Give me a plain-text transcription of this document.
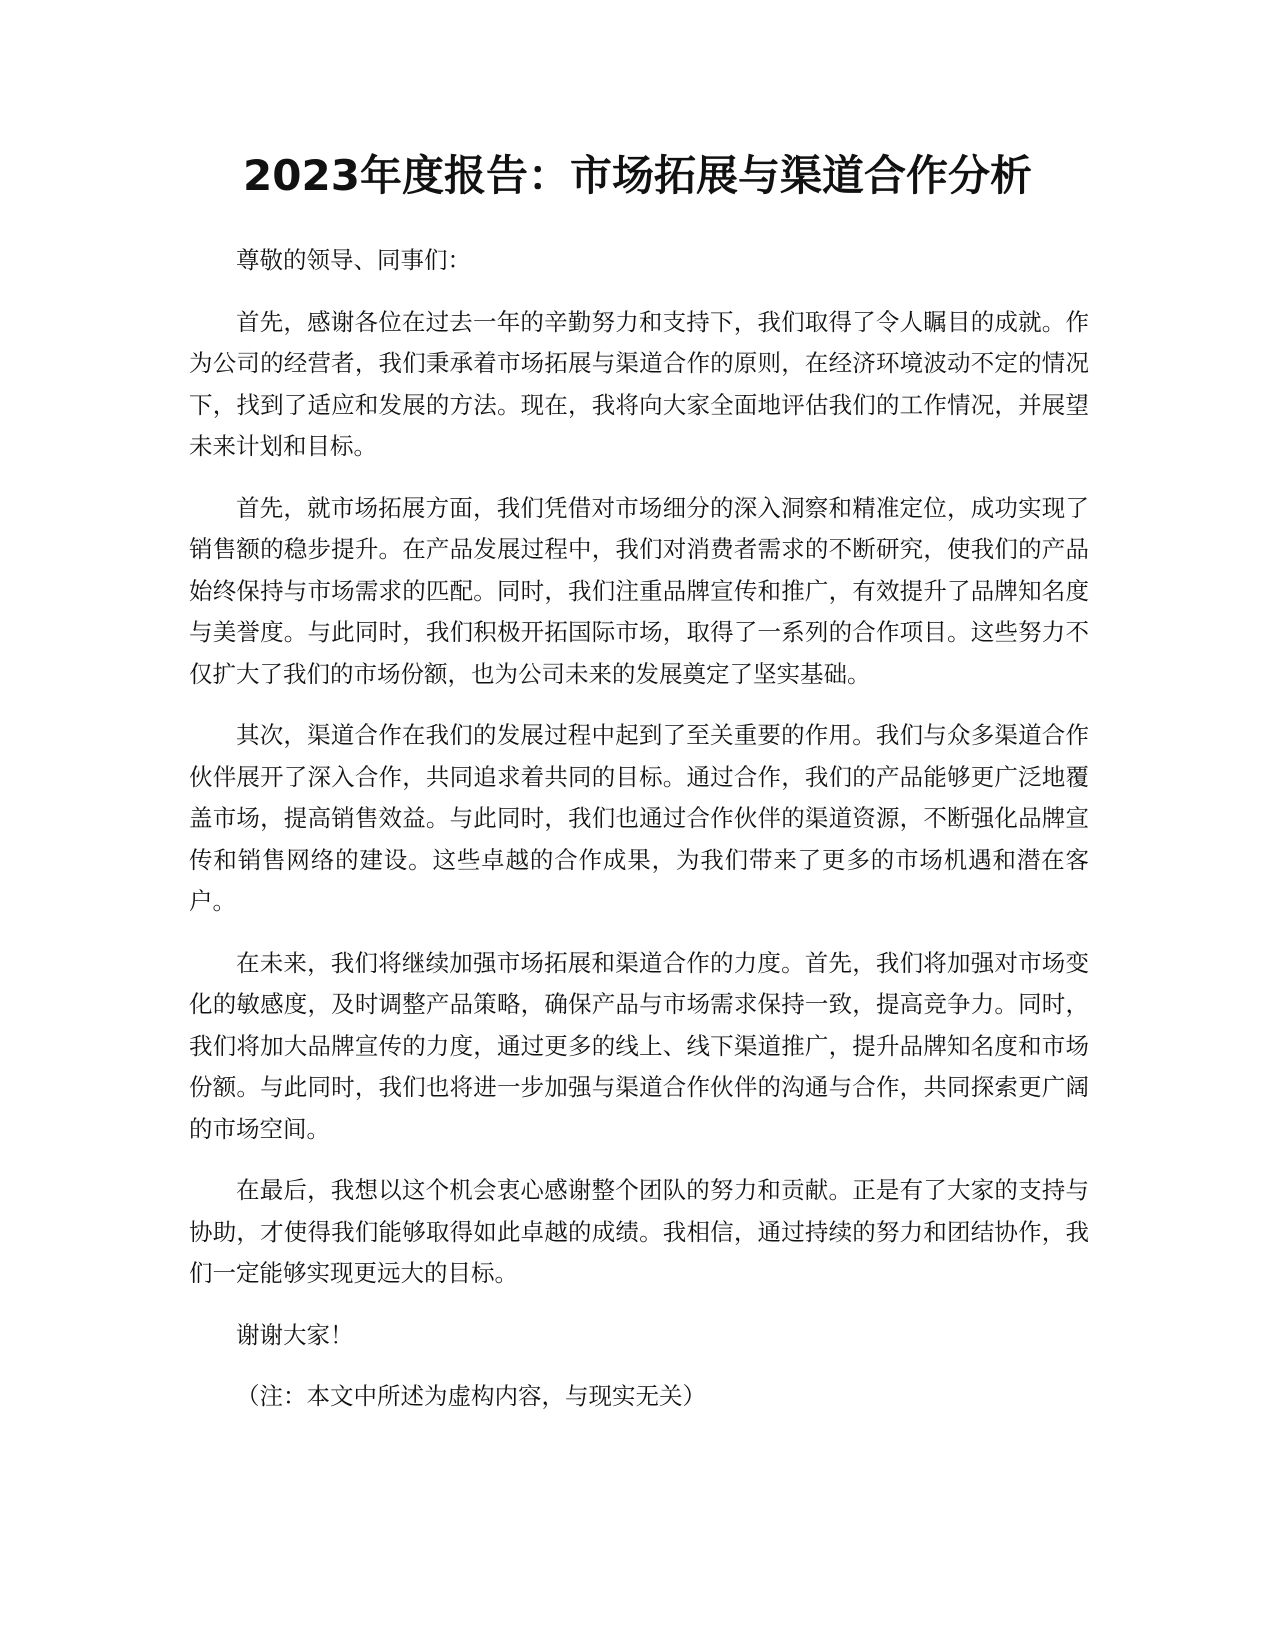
2023年度报告：市场拓展与渠道合作分析

尊敬的领导、同事们：

首先，感谢各位在过去一年的辛勤努力和支持下，我们取得了令人瞩目的成就。作为公司的经营者，我们秉承着市场拓展与渠道合作的原则，在经济环境波动不定的情况下，找到了适应和发展的方法。现在，我将向大家全面地评估我们的工作情况，并展望未来计划和目标。

首先，就市场拓展方面，我们凭借对市场细分的深入洞察和精准定位，成功实现了销售额的稳步提升。在产品发展过程中，我们对消费者需求的不断研究，使我们的产品始终保持与市场需求的匹配。同时，我们注重品牌宣传和推广，有效提升了品牌知名度与美誉度。与此同时，我们积极开拓国际市场，取得了一系列的合作项目。这些努力不仅扩大了我们的市场份额，也为公司未来的发展奠定了坚实基础。

其次，渠道合作在我们的发展过程中起到了至关重要的作用。我们与众多渠道合作伙伴展开了深入合作，共同追求着共同的目标。通过合作，我们的产品能够更广泛地覆盖市场，提高销售效益。与此同时，我们也通过合作伙伴的渠道资源，不断强化品牌宣传和销售网络的建设。这些卓越的合作成果，为我们带来了更多的市场机遇和潜在客户。

在未来，我们将继续加强市场拓展和渠道合作的力度。首先，我们将加强对市场变化的敏感度，及时调整产品策略，确保产品与市场需求保持一致，提高竞争力。同时，我们将加大品牌宣传的力度，通过更多的线上、线下渠道推广，提升品牌知名度和市场份额。与此同时，我们也将进一步加强与渠道合作伙伴的沟通与合作，共同探索更广阔的市场空间。

在最后，我想以这个机会衷心感谢整个团队的努力和贡献。正是有了大家的支持与协助，才使得我们能够取得如此卓越的成绩。我相信，通过持续的努力和团结协作，我们一定能够实现更远大的目标。

谢谢大家！

（注：本文中所述为虚构内容，与现实无关）
